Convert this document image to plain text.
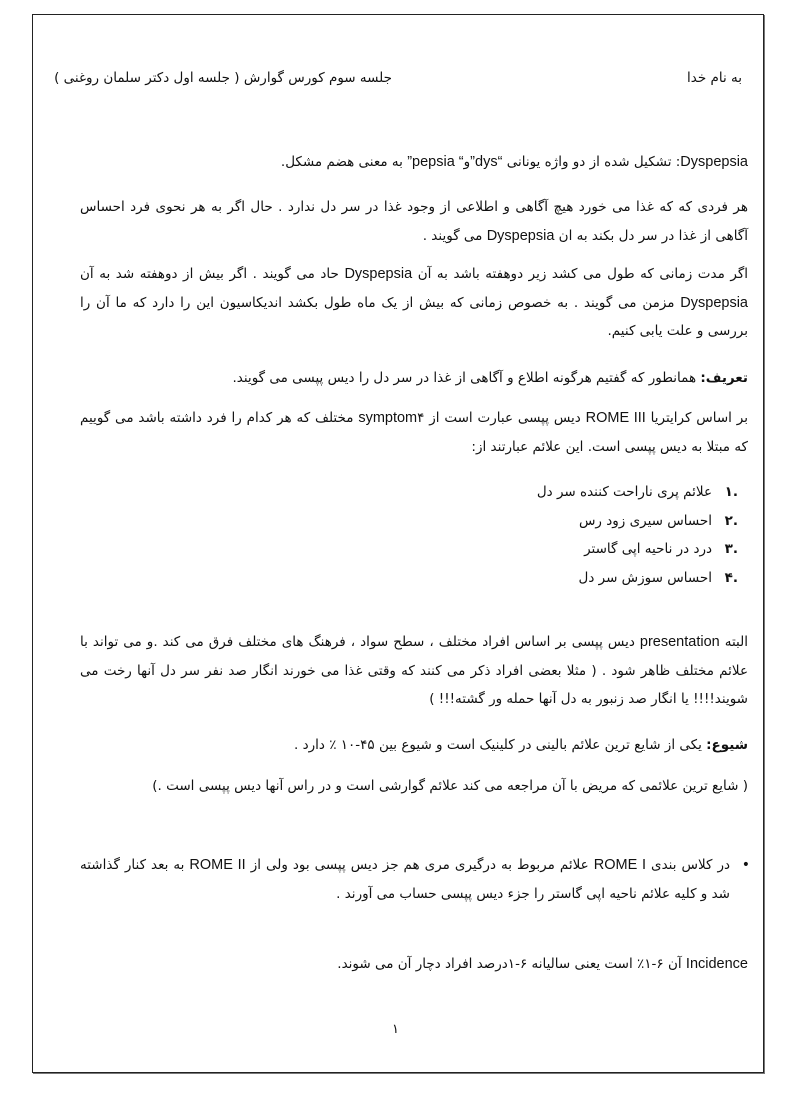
به نام خدا
جلسه سوم کورس گوارش ( جلسه اول دکتر سلمان روغنی )
Dyspepsia: تشکیل شده از دو واژه یونانی ”dys“و”pepsia “ به معنی هضم مشکل.
هر فردی که که غذا می خورد هیچ آگاهی و اطلاعی از وجود غذا در سر دل ندارد . حال اگر به هر نحوی فرد احساس آگاهی از غذا در سر دل بکند به ان Dyspepsia می گویند .
اگر مدت زمانی که طول می کشد زیر دوهفته باشد به آن Dyspepsia حاد می گویند . اگر بیش از دوهفته شد به آن Dyspepsia مزمن می گویند . به خصوص زمانی که بیش از یک ماه طول بکشد اندیکاسیون این را دارد که ما آن را بررسی و علت یابی کنیم.
تعریف: همانطور که گفتیم هرگونه اطلاع و آگاهی از غذا در سر دل را دیس پپسی می گویند.
بر اساس کرایتریا ROME III دیس پپسی عبارت است از ۴symptom مختلف که هر کدام را فرد داشته باشد می گوییم که مبتلا به دیس پپسی است. این علائم عبارتند از:
.۱
علائم پری ناراحت کننده سر دل
.۲
احساس سیری زود رس
.۳
درد در ناحیه اپی گاستر
.۴
احساس سوزش سر دل
البته presentation دیس پپسی بر اساس افراد مختلف ، سطح سواد ، فرهنگ های مختلف فرق می کند .و می تواند با علائم مختلف ظاهر شود . ( مثلا بعضی افراد ذکر می کنند که وقتی غذا می خورند انگار صد نفر سر دل آنها رخت می شویند!!!! یا انگار صد زنبور به دل آنها حمله ور گشته!!! )
شیوع: یکی از شایع ترین علائم بالینی در کلینیک است و شیوع بین ۴۵-۱۰ ٪ دارد .
( شایع ترین علائمی که مریض با آن مراجعه می کند علائم گوارشی است و در راس آنها دیس پپسی است .)
•
در کلاس بندی ROME I علائم مربوط به درگیری مری هم جز دیس پپسی بود ولی از ROME II به بعد کنار گذاشته شد و کلیه علائم ناحیه اپی گاستر را جزء دیس پپسی حساب می آورند .
Incidence آن ۶-۱٪ است یعنی سالیانه ۶-۱درصد افراد دچار آن می شوند.
۱
